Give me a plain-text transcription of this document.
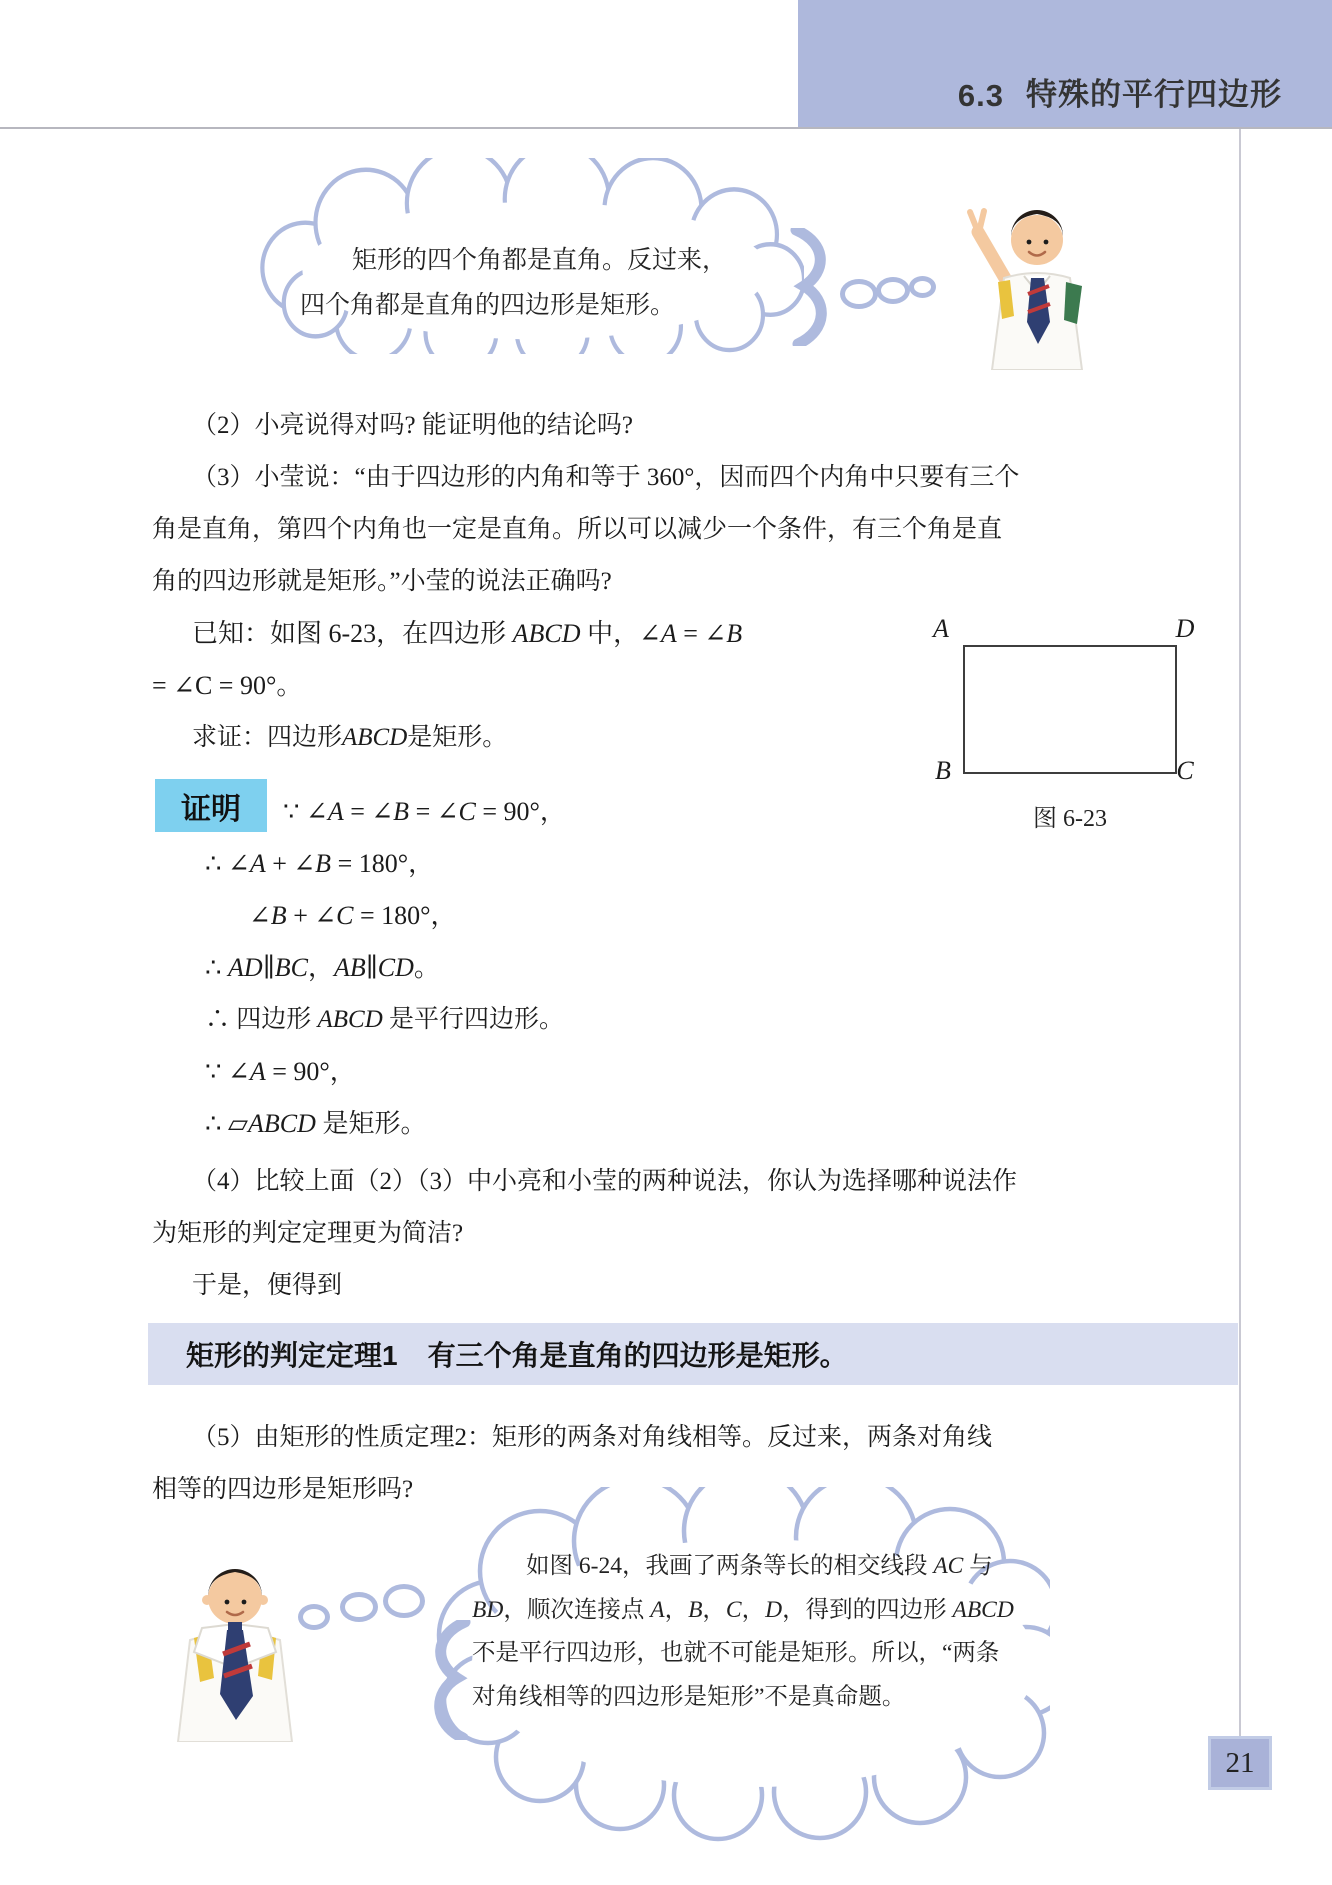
6.3 特殊的平行四边形
矩形的四个角都是直角。反过来，
四个角都是直角的四边形是矩形。
（2）小亮说得对吗? 能证明他的结论吗?
（3）小莹说：“由于四边形的内角和等于 360°，因而四个内角中只要有三个
角是直角，第四个内角也一定是直角。所以可以减少一个条件，有三个角是直
角的四边形就是矩形。”小莹的说法正确吗?
已知：如图 6-23，在四边形 ABCD 中，∠A = ∠B
= ∠C = 90°。
求证：四边形ABCD是矩形。
证明	∵ ∠A = ∠B = ∠C = 90°，
∴ ∠A + ∠B = 180°，
∠B + ∠C = 180°，
∴ AD∥BC，AB∥CD。
∴ 四边形 ABCD 是平行四边形。
∵ ∠A = 90°，
∴ ▱ABCD 是矩形。
（4）比较上面（2）（3）中小亮和小莹的两种说法，你认为选择哪种说法作
为矩形的判定定理更为简洁?
于是，便得到
矩形的判定定理1 有三个角是直角的四边形是矩形。
（5）由矩形的性质定理2：矩形的两条对角线相等。反过来，两条对角线
相等的四边形是矩形吗?
A	D
B	C
图 6-23
如图 6-24，我画了两条等长的相交线段 AC 与
BD，顺次连接点 A，B，C，D，得到的四边形 ABCD
不是平行四边形，也就不可能是矩形。所以，“两条
对角线相等的四边形是矩形”不是真命题。
21
